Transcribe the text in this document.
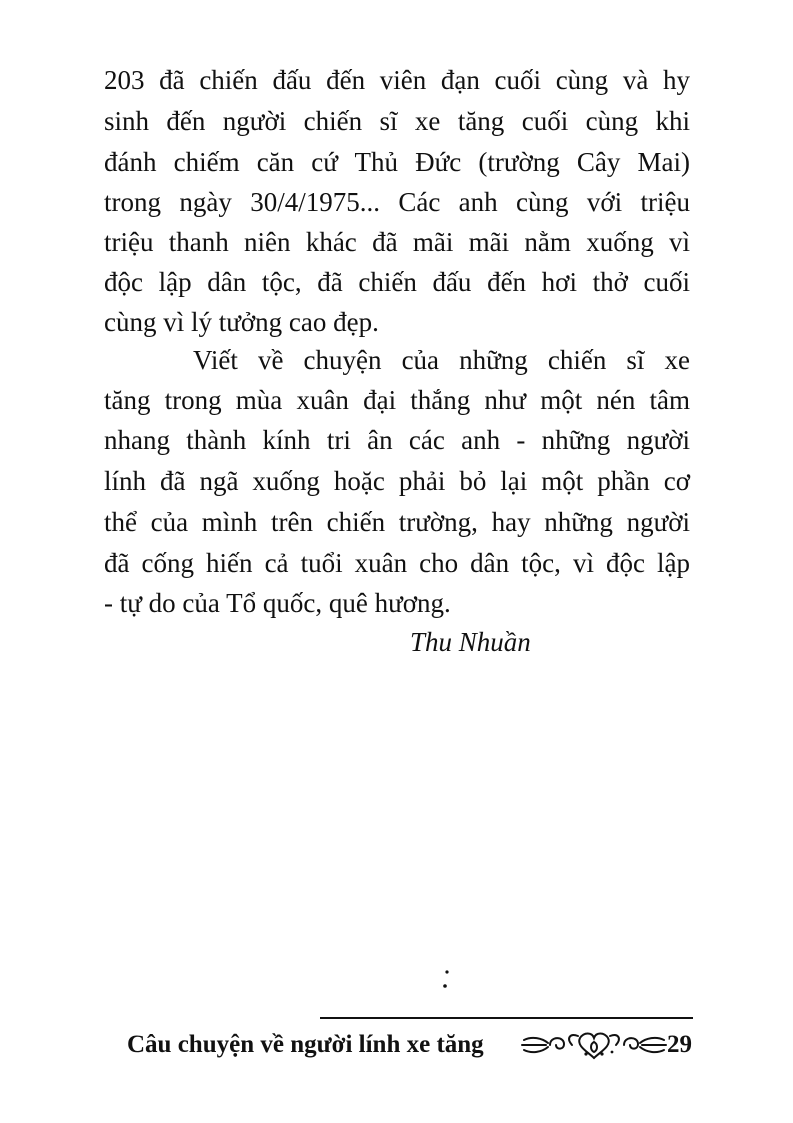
203 đã chiến đấu đến viên đạn cuối cùng và hy
sinh đến người chiến sĩ xe tăng cuối cùng khi
đánh chiếm căn cứ Thủ Đức (trường Cây Mai)
trong ngày 30/4/1975... Các anh cùng với triệu
triệu thanh niên khác đã mãi mãi nằm xuống vì
độc lập dân tộc, đã chiến đấu đến hơi thở cuối
cùng vì lý tưởng cao đẹp.
Viết về chuyện của những chiến sĩ xe
tăng trong mùa xuân đại thắng như một nén tâm
nhang thành kính tri ân các anh - những người
lính đã ngã xuống hoặc phải bỏ lại một phần cơ
thể của mình trên chiến trường, hay những người
đã cống hiến cả tuổi xuân cho dân tộc, vì độc lập
- tự do của Tổ quốc, quê hương.
Thu Nhuần
Câu chuyện về người lính xe tăng	29
